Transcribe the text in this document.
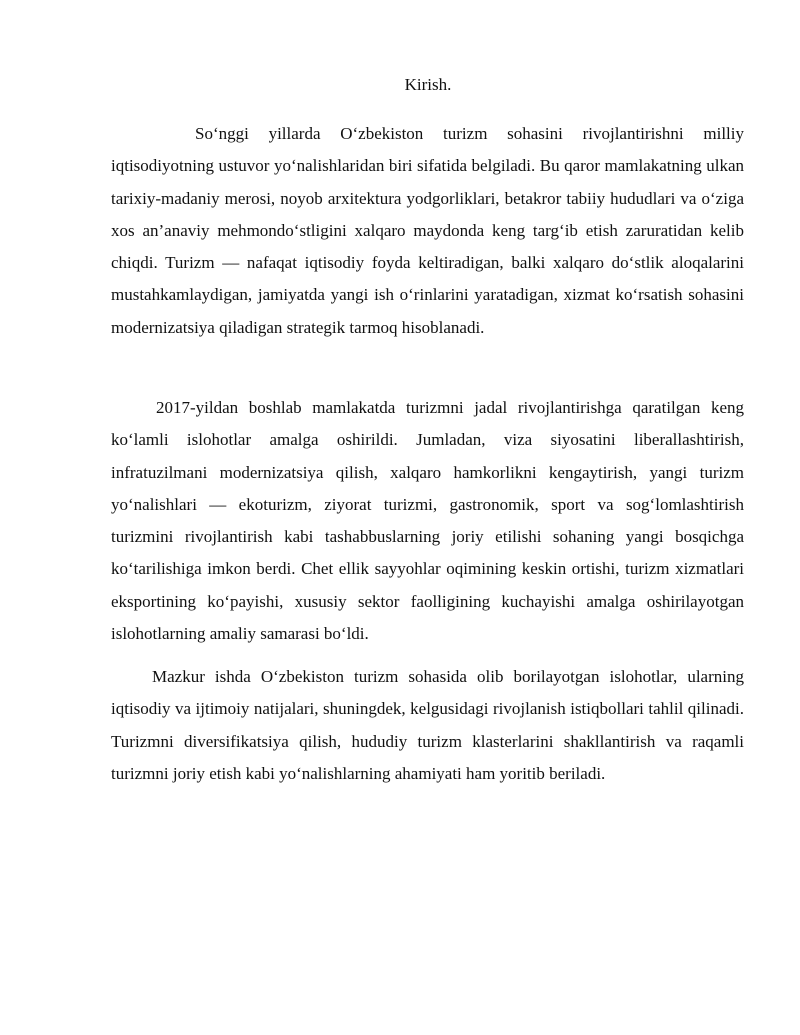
Kirish.

So‘nggi yillarda O‘zbekiston turizm sohasini rivojlantirishni milliy iqtisodiyotning ustuvor yo‘nalishlaridan biri sifatida belgiladi. Bu qaror mamlakatning ulkan tarixiy-madaniy merosi, noyob arxitektura yodgorliklari, betakror tabiiy hududlari va o‘ziga xos an’anaviy mehmondo‘stligini xalqaro maydonda keng targ‘ib etish zaruratidan kelib chiqdi. Turizm — nafaqat iqtisodiy foyda keltiradigan, balki xalqaro do‘stlik aloqalarini mustahkamlaydigan, jamiyatda yangi ish o‘rinlarini yaratadigan, xizmat ko‘rsatish sohasini modernizatsiya qiladigan strategik tarmoq hisoblanadi.

2017-yildan boshlab mamlakatda turizmni jadal rivojlantirishga qaratilgan keng ko‘lamli islohotlar amalga oshirildi. Jumladan, viza siyosatini liberallashtirish, infratuzilmani modernizatsiya qilish, xalqaro hamkorlikni kengaytirish, yangi turizm yo‘nalishlari — ekoturizm, ziyorat turizmi, gastronomik, sport va sog‘lomlashtirish turizmini rivojlantirish kabi tashabbuslarning joriy etilishi sohaning yangi bosqichga ko‘tarilishiga imkon berdi. Chet ellik sayyohlar oqimining keskin ortishi, turizm xizmatlari eksportining ko‘payishi, xususiy sektor faolligining kuchayishi amalga oshirilayotgan islohotlarning amaliy samarasi bo‘ldi.

Mazkur ishda O‘zbekiston turizm sohasida olib borilayotgan islohotlar, ularning iqtisodiy va ijtimoiy natijalari, shuningdek, kelgusidagi rivojlanish istiqbollari tahlil qilinadi. Turizmni diversifikatsiya qilish, hududiy turizm klasterlarini shakllantirish va raqamli turizmni joriy etish kabi yo‘nalishlarning ahamiyati ham yoritib beriladi.
